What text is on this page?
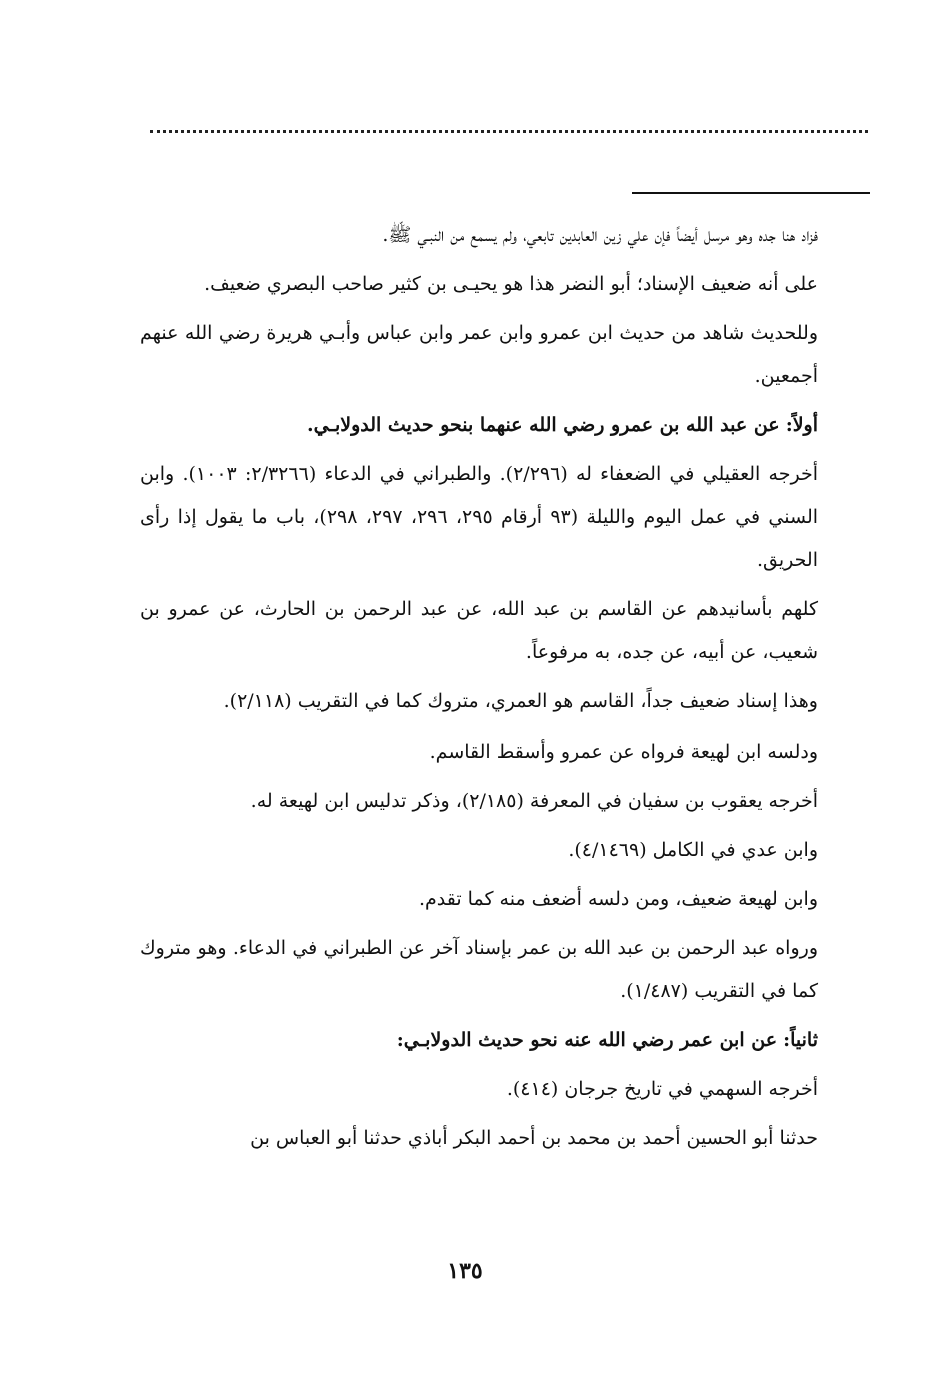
فزاد هنا جده وهو مرسل أيضاً فإن علي زين العابدين تابعي، ولم يسمع من النبـي ﷺ.

على أنه ضعيف الإسناد؛ أبو النضر هذا هو يحيـى بن كثير صاحب البصري ضعيف.

وللحديث شاهد من حديث ابن عمرو وابن عمر وابن عباس وأبـي هريرة رضي الله عنهم أجمعين.

أولاً: عن عبد الله بن عمرو رضي الله عنهما بنحو حديث الدولابـي.

أخرجه العقيلي في الضعفاء له (٢/٢٩٦). والطبراني في الدعاء (٢/٣٢٦٦: ١٠٠٣). وابن السني في عمل اليوم والليلة (٩٣ أرقام ٢٩٥، ٢٩٦، ٢٩٧، ٢٩٨)، باب ما يقول إذا رأى الحريق.

كلهم بأسانيدهم عن القاسم بن عبد الله، عن عبد الرحمن بن الحارث، عن عمرو بن شعيب، عن أبيه، عن جده، به مرفوعاً.

وهذا إسناد ضعيف جداً، القاسم هو العمري، متروك كما في التقريب (٢/١١٨).

ودلسه ابن لهيعة فرواه عن عمرو وأسقط القاسم.

أخرجه يعقوب بن سفيان في المعرفة (٢/١٨٥)، وذكر تدليس ابن لهيعة له.

وابن عدي في الكامل (٤/١٤٦٩).

وابن لهيعة ضعيف، ومن دلسه أضعف منه كما تقدم.

ورواه عبد الرحمن بن عبد الله بن عمر بإسناد آخر عن الطبراني في الدعاء. وهو متروك كما في التقريب (١/٤٨٧).

ثانياً: عن ابن عمر رضي الله عنه نحو حديث الدولابـي:

أخرجه السهمي في تاريخ جرجان (٤١٤).

حدثنا أبو الحسين أحمد بن محمد بن أحمد البكر أباذي حدثنا أبو العباس بن

١٣٥
